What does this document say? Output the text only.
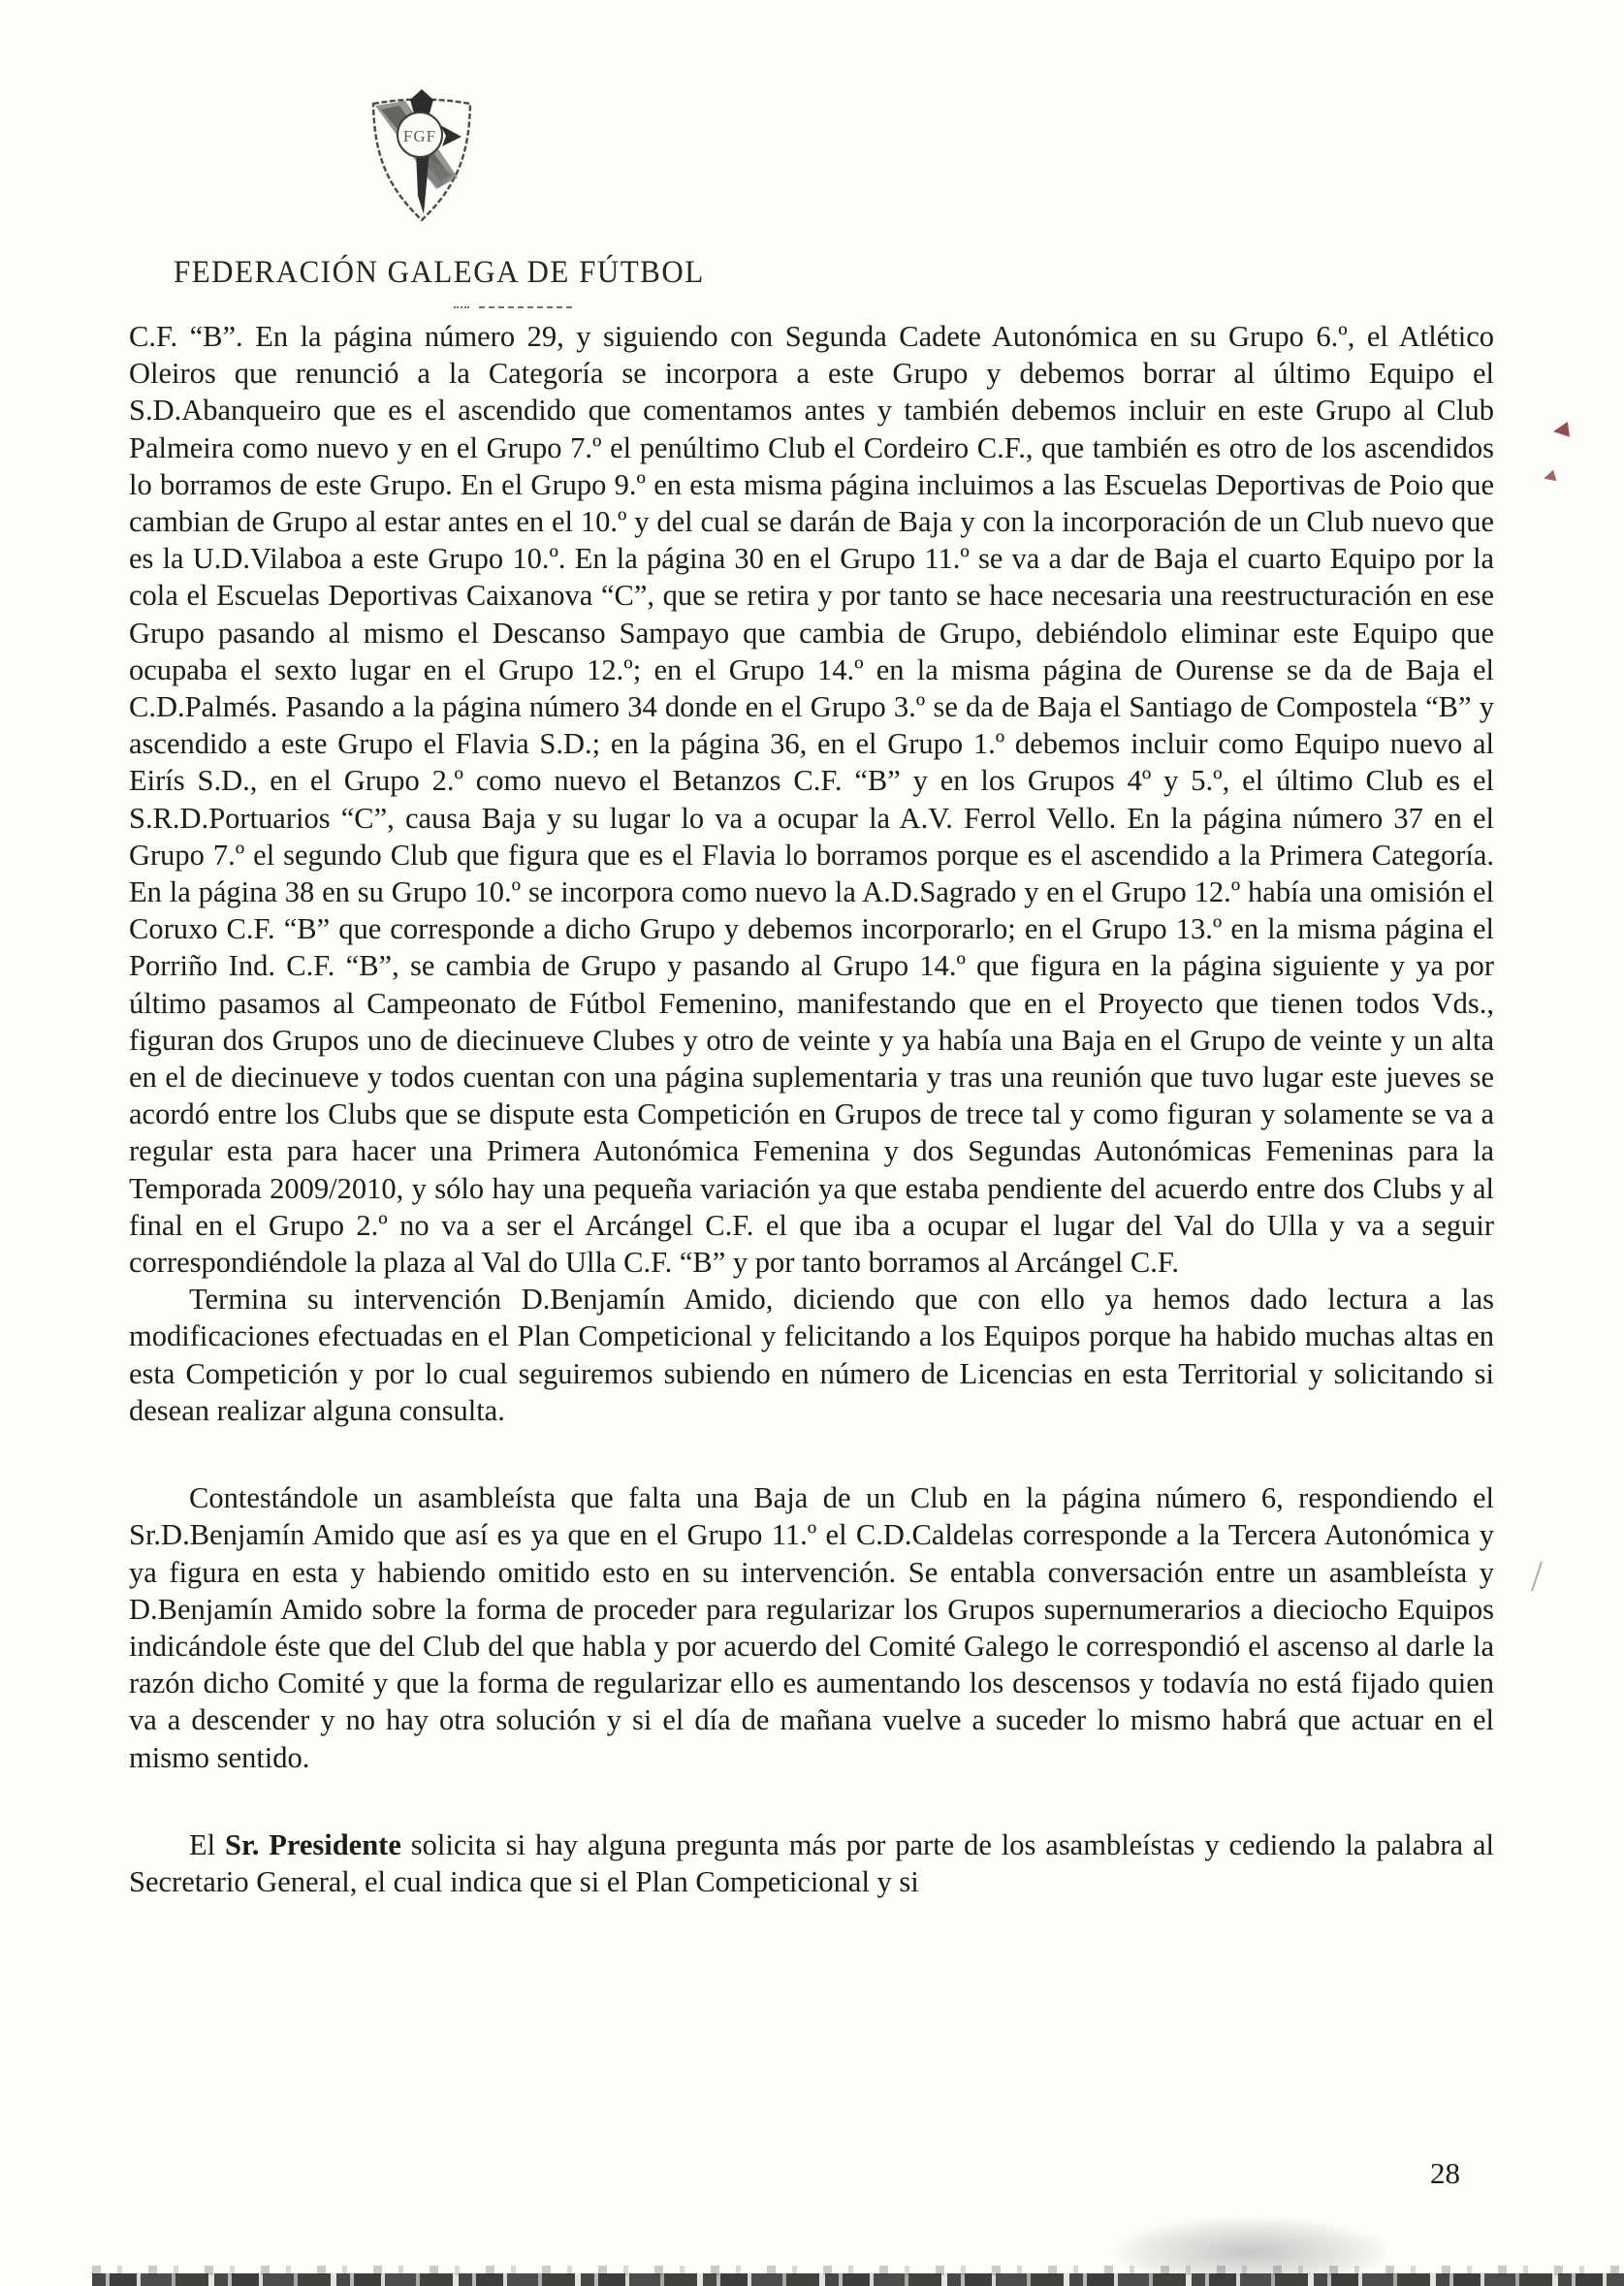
FGF
FEDERACIÓN GALEGA DE FÚTBOL

C.F. “B”. En la página número 29, y siguiendo con Segunda Cadete Autonómica en su Grupo 6.º, el Atlético Oleiros que renunció a la Categoría se incorpora a este Grupo y debemos borrar al último Equipo el S.D.Abanqueiro que es el ascendido que comentamos antes y también debemos incluir en este Grupo al Club Palmeira como nuevo y en el Grupo 7.º el penúltimo Club el Cordeiro C.F., que también es otro de los ascendidos lo borramos de este Grupo. En el Grupo 9.º en esta misma página incluimos a las Escuelas Deportivas de Poio que cambian de Grupo al estar antes en el 10.º y del cual se darán de Baja y con la incorporación de un Club nuevo que es la U.D.Vilaboa a este Grupo 10.º. En la página 30 en el Grupo 11.º se va a dar de Baja el cuarto Equipo por la cola el Escuelas Deportivas Caixanova “C”, que se retira y por tanto se hace necesaria una reestructuración en ese Grupo pasando al mismo el Descanso Sampayo que cambia de Grupo, debiéndolo eliminar este Equipo que ocupaba el sexto lugar en el Grupo 12.º; en el Grupo 14.º en la misma página de Ourense se da de Baja el C.D.Palmés. Pasando a la página número 34 donde en el Grupo 3.º se da de Baja el Santiago de Compostela “B” y ascendido a este Grupo el Flavia S.D.; en la página 36, en el Grupo 1.º debemos incluir como Equipo nuevo al Eirís S.D., en el Grupo 2.º como nuevo el Betanzos C.F. “B” y en los Grupos 4º y 5.º, el último Club es el S.R.D.Portuarios “C”, causa Baja y su lugar lo va a ocupar la A.V. Ferrol Vello. En la página número 37 en el Grupo 7.º el segundo Club que figura que es el Flavia lo borramos porque es el ascendido a la Primera Categoría. En la página 38 en su Grupo 10.º se incorpora como nuevo la A.D.Sagrado y en el Grupo 12.º había una omisión el Coruxo C.F. “B” que corresponde a dicho Grupo y debemos incorporarlo; en el Grupo 13.º en la misma página el Porriño Ind. C.F. “B”, se cambia de Grupo y pasando al Grupo 14.º que figura en la página siguiente y ya por último pasamos al Campeonato de Fútbol Femenino, manifestando que en el Proyecto que tienen todos Vds., figuran dos Grupos uno de diecinueve Clubes y otro de veinte y ya había una Baja en el Grupo de veinte y un alta en el de diecinueve y todos cuentan con una página suplementaria y tras una reunión que tuvo lugar este jueves se acordó entre los Clubs que se dispute esta Competición en Grupos de trece tal y como figuran y solamente se va a regular esta para hacer una Primera Autonómica Femenina y dos Segundas Autonómicas Femeninas para la Temporada 2009/2010, y sólo hay una pequeña variación ya que estaba pendiente del acuerdo entre dos Clubs y al final en el Grupo 2.º no va a ser el Arcángel C.F. el que iba a ocupar el lugar del Val do Ulla y va a seguir correspondiéndole la plaza al Val do Ulla C.F. “B” y por tanto borramos al Arcángel C.F.

Termina su intervención D.Benjamín Amido, diciendo que con ello ya hemos dado lectura a las modificaciones efectuadas en el Plan Competicional y felicitando a los Equipos porque ha habido muchas altas en esta Competición y por lo cual seguiremos subiendo en número de Licencias en esta Territorial y solicitando si desean realizar alguna consulta.

Contestándole un asambleísta que falta una Baja de un Club en la página número 6, respondiendo el Sr.D.Benjamín Amido que así es ya que en el Grupo 11.º el C.D.Caldelas corresponde a la Tercera Autonómica y ya figura en esta y habiendo omitido esto en su intervención. Se entabla conversación entre un asambleísta y D.Benjamín Amido sobre la forma de proceder para regularizar los Grupos supernumerarios a dieciocho Equipos indicándole éste que del Club del que habla y por acuerdo del Comité Galego le correspondió el ascenso al darle la razón dicho Comité y que la forma de regularizar ello es aumentando los descensos y todavía no está fijado quien va a descender y no hay otra solución y si el día de mañana vuelve a suceder lo mismo habrá que actuar en el mismo sentido.

El Sr. Presidente solicita si hay alguna pregunta más por parte de los asambleístas y cediendo la palabra al Secretario General, el cual indica que si el Plan Competicional y si

28
